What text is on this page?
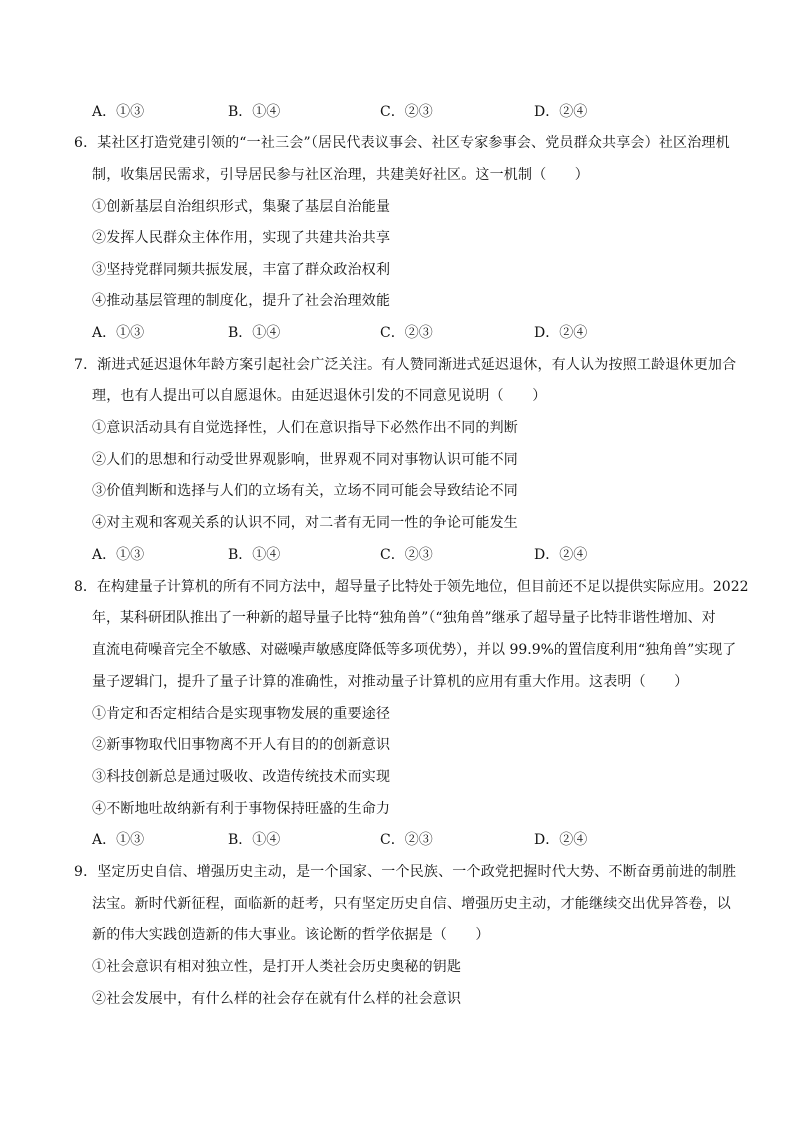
A．①③	B．①④	C．②③	D．②④
6．某社区打造党建引领的“一社三会”（居民代表议事会、社区专家参事会、党员群众共享会）社区治理机
制，收集居民需求，引导居民参与社区治理，共建美好社区。这一机制（　　）
①创新基层自治组织形式，集聚了基层自治能量
②发挥人民群众主体作用，实现了共建共治共享
③坚持党群同频共振发展，丰富了群众政治权利
④推动基层管理的制度化，提升了社会治理效能
A．①③	B．①④	C．②③	D．②④
7．渐进式延迟退休年龄方案引起社会广泛关注。有人赞同渐进式延迟退休，有人认为按照工龄退休更加合
理，也有人提出可以自愿退休。由延迟退休引发的不同意见说明（　　）
①意识活动具有自觉选择性，人们在意识指导下必然作出不同的判断
②人们的思想和行动受世界观影响，世界观不同对事物认识可能不同
③价值判断和选择与人们的立场有关，立场不同可能会导致结论不同
④对主观和客观关系的认识不同，对二者有无同一性的争论可能发生
A．①③	B．①④	C．②③	D．②④
8．在构建量子计算机的所有不同方法中，超导量子比特处于领先地位，但目前还不足以提供实际应用。2022
年，某科研团队推出了一种新的超导量子比特“独角兽”（“独角兽”继承了超导量子比特非谐性增加、对
直流电荷噪音完全不敏感、对磁噪声敏感度降低等多项优势），并以 99.9%的置信度利用“独角兽”实现了
量子逻辑门，提升了量子计算的准确性，对推动量子计算机的应用有重大作用。这表明（　　）
①肯定和否定相结合是实现事物发展的重要途径
②新事物取代旧事物离不开人有目的的创新意识
③科技创新总是通过吸收、改造传统技术而实现
④不断地吐故纳新有利于事物保持旺盛的生命力
A．①③	B．①④	C．②③	D．②④
9．坚定历史自信、增强历史主动，是一个国家、一个民族、一个政党把握时代大势、不断奋勇前进的制胜
法宝。新时代新征程，面临新的赶考，只有坚定历史自信、增强历史主动，才能继续交出优异答卷，以
新的伟大实践创造新的伟大事业。该论断的哲学依据是（　　）
①社会意识有相对独立性，是打开人类社会历史奥秘的钥匙
②社会发展中，有什么样的社会存在就有什么样的社会意识
